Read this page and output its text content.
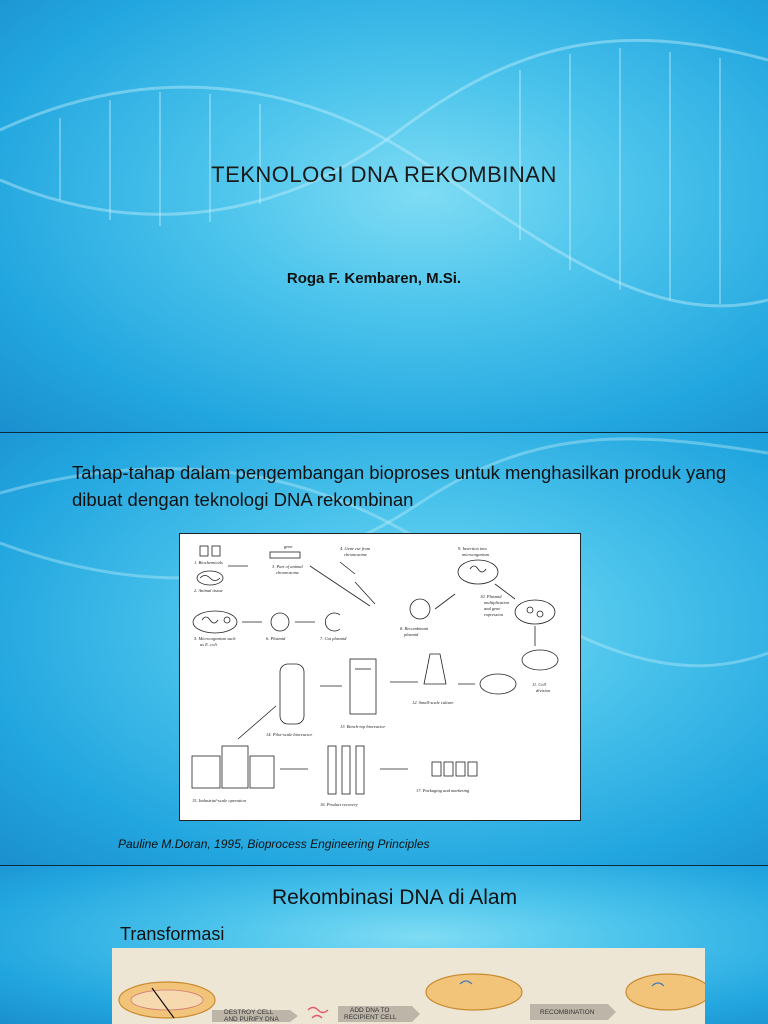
TEKNOLOGI DNA REKOMBINAN
Roga F. Kembaren, M.Si.
Tahap-tahap dalam pengembangan bioproses untuk menghasilkan produk yang dibuat dengan teknologi DNA rekombinan
1. Biochemicals
2. Animal tissue
gene
3. Part of animal
chromosome
4. Gene cut from
chromosome
5. Microorganism such
as E. coli
6. Plasmid	7. Cut plasmid
8. Recombinant
plasmid
9. Insertion into
microorganism
10. Plasmid
multiplication
and gene
expression
11. Cell
division
12. Small-scale culture
13. Bench-top bioreactor
14. Pilot-scale bioreactor
15. Industrial-scale operation
16. Product recovery
17. Packaging and marketing
Pauline M.Doran, 1995, Bioprocess Engineering Principles
Rekombinasi DNA di Alam
Transformasi
DESTROY CELL
AND PURIFY DNA
ADD DNA TO
RECIPIENT CELL
RECOMBINATION
